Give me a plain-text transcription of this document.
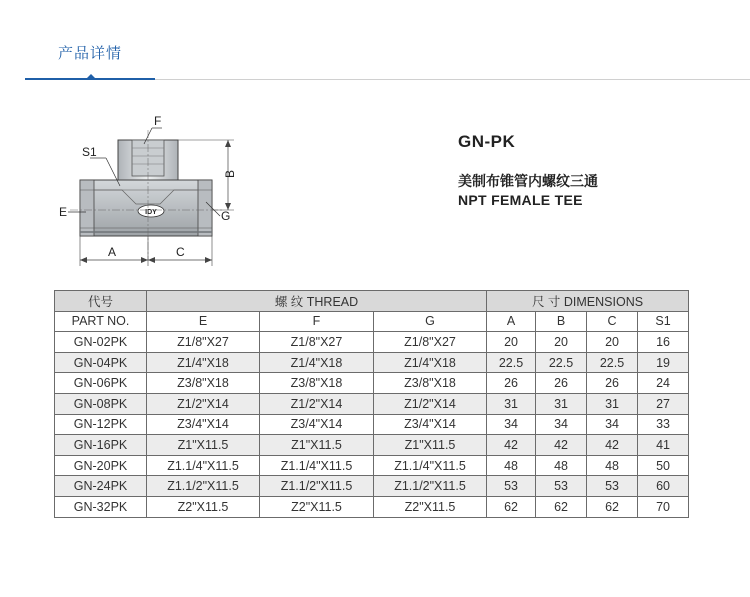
产品详情
IDY
F
S1
E	G
B
A	C
GN-PK
美制布锥管内螺纹三通
NPT FEMALE TEE
代号	螺 纹 THREAD			尺 寸 DIMENSIONS			
PART NO.	E	F	G	A	B	C	S1
GN-02PK	Z1/8"X27	Z1/8"X27	Z1/8"X27	20	20	20	16
GN-04PK	Z1/4"X18	Z1/4"X18	Z1/4"X18	22.5	22.5	22.5	19
GN-06PK	Z3/8"X18	Z3/8"X18	Z3/8"X18	26	26	26	24
GN-08PK	Z1/2"X14	Z1/2"X14	Z1/2"X14	31	31	31	27
GN-12PK	Z3/4"X14	Z3/4"X14	Z3/4"X14	34	34	34	33
GN-16PK	Z1"X11.5	Z1"X11.5	Z1"X11.5	42	42	42	41
GN-20PK	Z1.1/4"X11.5	Z1.1/4"X11.5	Z1.1/4"X11.5	48	48	48	50
GN-24PK	Z1.1/2"X11.5	Z1.1/2"X11.5	Z1.1/2"X11.5	53	53	53	60
GN-32PK	Z2"X11.5	Z2"X11.5	Z2"X11.5	62	62	62	70
